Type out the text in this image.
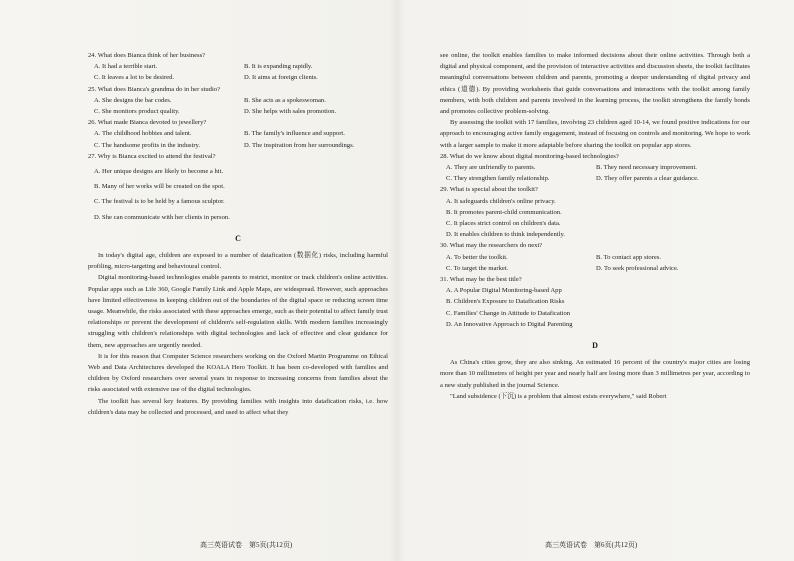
24. What does Bianca think of her business?

A. It had a terrible start.	B. It is expanding rapidly.
C. It leaves a lot to be desired.	D. It aims at foreign clients.

25. What does Bianca's grandma do in her studio?

A. She designs the bar codes.	B. She acts as a spokeswoman.
C. She monitors product quality.	D. She helps with sales promotion.

26. What made Bianca devoted to jewellery?

A. The childhood hobbies and talent.	B. The family's influence and support.
C. The handsome profits in the industry.	D. The inspiration from her surroundings.

27. Why is Bianca excited to attend the festival?

A. Her unique designs are likely to become a hit.

B. Many of her works will be created on the spot.

C. The festival is to be held by a famous sculptor.

D. She can communicate with her clients in person.

C

In today's digital age, children are exposed to a number of datafication (数据化) risks, including harmful profiling, micro-targeting and behavioural control.

Digital monitoring-based technologies enable parents to restrict, monitor or track children's online activities. Popular apps such as Life 360, Google Family Link and Apple Maps, are widespread. However, such approaches have limited effectiveness in keeping children out of the boundaries of the digital space or reducing screen time usage. Meanwhile, the risks associated with these approaches emerge, such as their potential to affect family trust relationships or prevent the development of children's self-regulation skills. With modern families increasingly struggling with children's relationships with digital technologies and lack of effective and clear guidance for them, new approaches are urgently needed.

It is for this reason that Computer Science researchers working on the Oxford Martin Programme on Ethical Web and Data Architectures developed the KOALA Hero Toolkit. It has been co-developed with families and children by Oxford researchers over several years in response to increasing concerns from families about the risks associated with extensive use of the digital technologies.

The toolkit has several key features. By providing families with insights into datafication risks, i.e. how children's data may be collected and processed, and used to affect what they

see online, the toolkit enables families to make informed decisions about their online activities. Through both a digital and physical component, and the provision of interactive activities and discussion sheets, the toolkit facilitates meaningful conversations between children and parents, promoting a deeper understanding of digital privacy and ethics (道德). By providing worksheets that guide conversations and interactions with the toolkit among family members, with both children and parents involved in the learning process, the toolkit strengthens the family bonds and promotes collective problem-solving.

By assessing the toolkit with 17 families, involving 23 children aged 10-14, we found positive indications for our approach to encouraging active family engagement, instead of focusing on controls and monitoring. We hope to work with a larger sample to make it more adaptable before sharing the toolkit on popular app stores.

28. What do we know about digital monitoring-based technologies?

A. They are unfriendly to parents.	B. They need necessary improvement.
C. They strengthen family relationship.	D. They offer parents a clear guidance.

29. What is special about the toolkit?

A. It safeguards children's online privacy.

B. It promotes parent-child communication.

C. It places strict control on children's data.

D. It enables children to think independently.

30. What may the researchers do next?

A. To better the toolkit.	B. To contact app stores.
C. To target the market.	D. To seek professional advice.

31. What may be the best title?

A. A Popular Digital Monitoring-based App

B. Children's Exposure to Datafication Risks

C. Families' Change in Attitude to Datafication

D. An Innovative Approach to Digital Parenting

D

As China's cities grow, they are also sinking. An estimated 16 percent of the country's major cities are losing more than 10 millimetres of height per year and nearly half are losing more than 3 millimetres per year, according to a new study published in the journal Science.

"Land subsidence (下沉) is a problem that almost exists everywhere," said Robert

高三英语试卷　第5页(共12页)	高三英语试卷　第6页(共12页)
